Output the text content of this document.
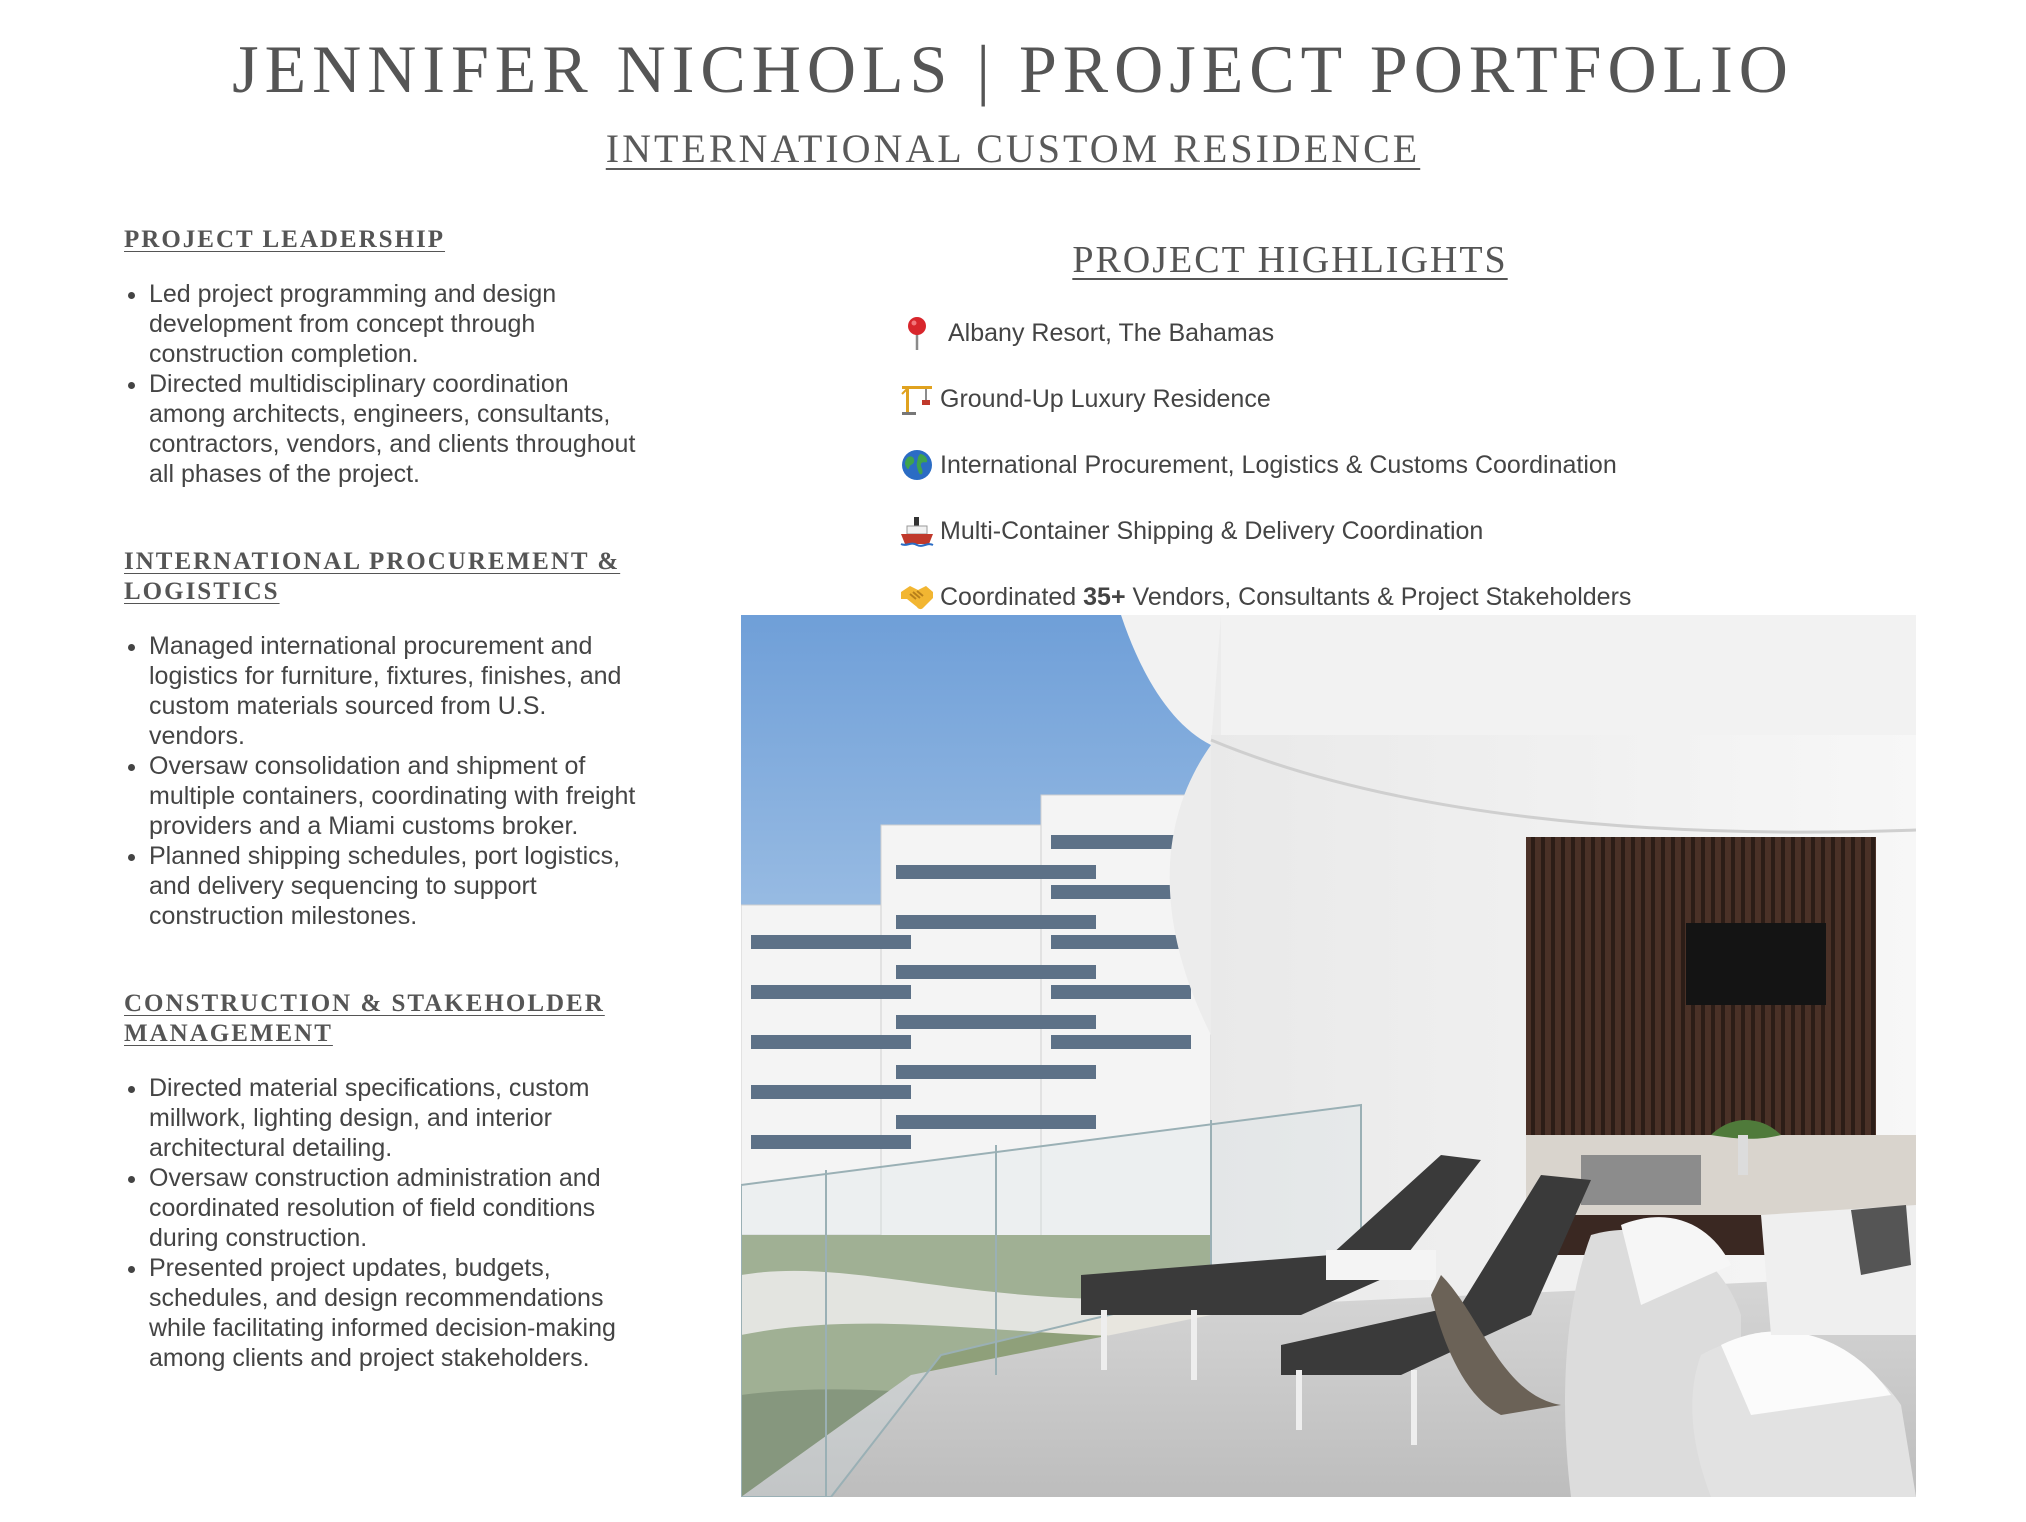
JENNIFER NICHOLS | PROJECT PORTFOLIO
INTERNATIONAL CUSTOM RESIDENCE
PROJECT LEADERSHIP
• Led project programming and design development from concept through construction completion.
• Directed multidisciplinary coordination among architects, engineers, consultants, contractors, vendors, and clients throughout all phases of the project.
INTERNATIONAL PROCUREMENT & LOGISTICS
• Managed international procurement and logistics for furniture, fixtures, finishes, and custom materials sourced from U.S. vendors.
• Oversaw consolidation and shipment of multiple containers, coordinating with freight providers and a Miami customs broker.
• Planned shipping schedules, port logistics, and delivery sequencing to support construction milestones.
CONSTRUCTION & STAKEHOLDER MANAGEMENT
• Directed material specifications, custom millwork, lighting design, and interior architectural detailing.
• Oversaw construction administration and coordinated resolution of field conditions during construction.
• Presented project updates, budgets, schedules, and design recommendations while facilitating informed decision-making among clients and project stakeholders.
PROJECT HIGHLIGHTS
Albany Resort, The Bahamas
Ground-Up Luxury Residence
International Procurement, Logistics & Customs Coordination
Multi-Container Shipping & Delivery Coordination
Coordinated 35+ Vendors, Consultants & Project Stakeholders
